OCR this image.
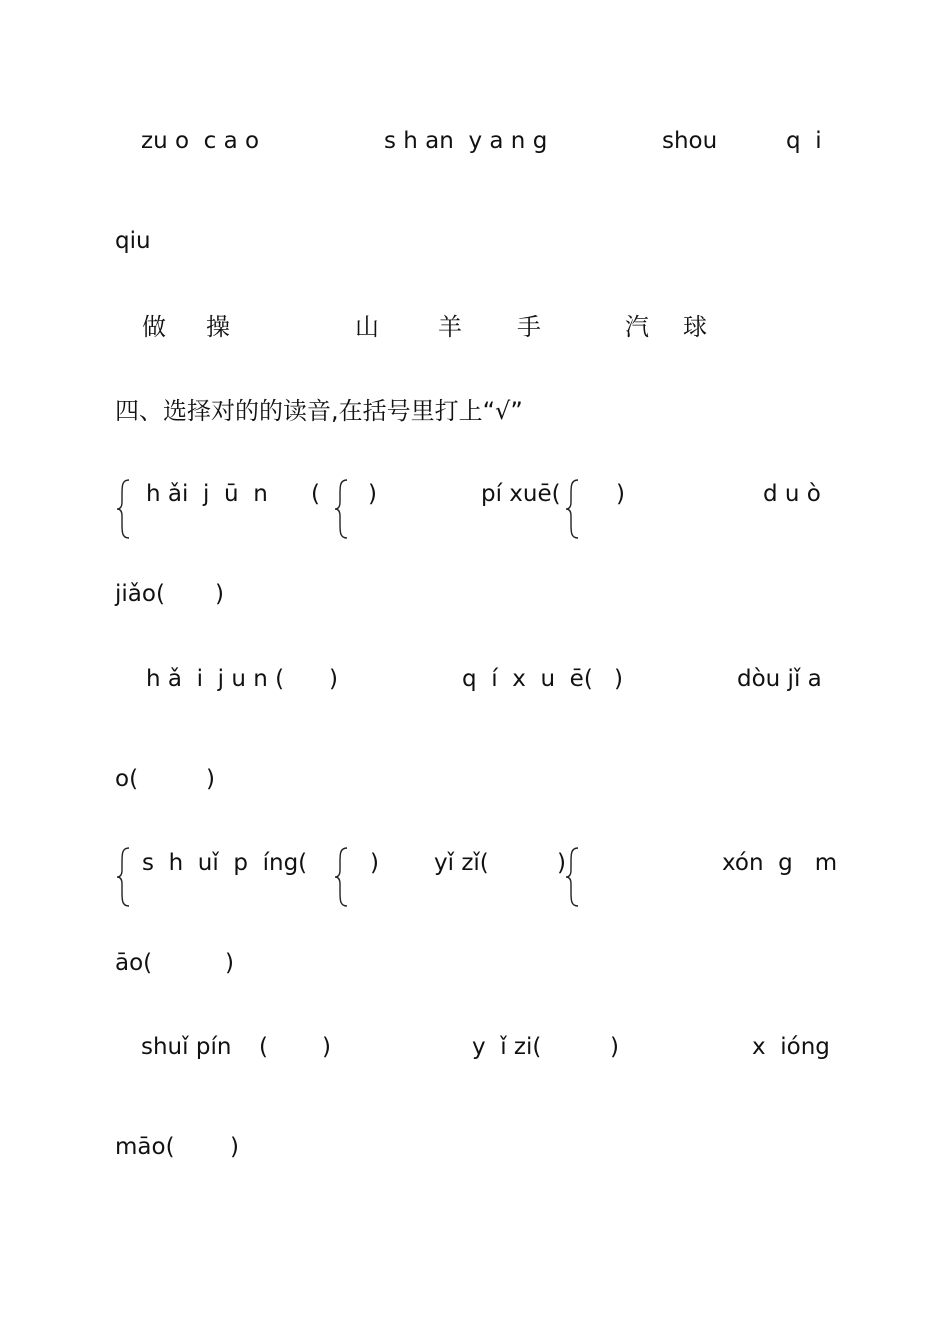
zu o  c a o	s h an  y a n g	shou	q  i
qiu
做 操	山 羊 手	汽 球
四、选择对的的读音,在括号里打上“√”
h ǎi  j  ū  n ( )	pí xuē( )	d u ò
jiǎo( )
h ǎ  i  j u n ( )	q  í  x  u  ē( )	dòu jǐ a
o(	)
s  h  uǐ  p  íng(	) yǐ zǐ(	)	xón  g   m
āo(	)
shuǐ pín ( )	y  ǐ zi(	)	x  ióng
māo( )
